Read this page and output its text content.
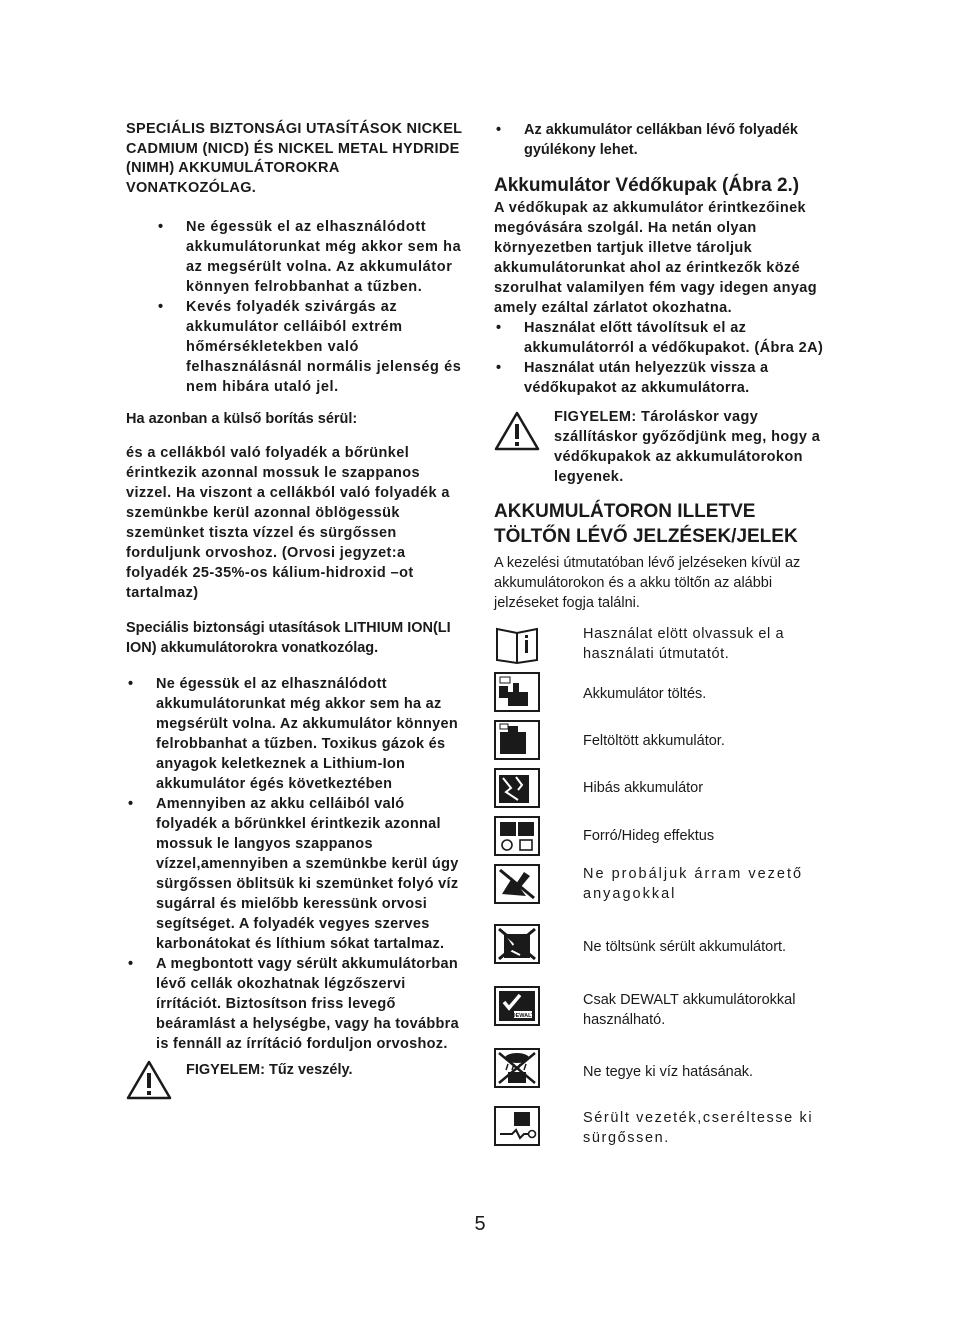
SPECIÁLIS BIZTONSÁGI UTASÍTÁSOK NICKEL CADMIUM (NICD) ÉS NICKEL METAL HYDRIDE (NIMH) AKKUMULÁTOROKRA VONATKOZÓLAG.

• Ne égessük el az elhasználódott akkumulátorunkat még akkor sem ha az megsérült volna. Az akkumulátor könnyen felrobbanhat a tűzben.
• Kevés folyadék szivárgás az akkumulátor celláiból extrém hőmérsékletekben való felhasználásnál normális jelenség és nem hibára utaló jel.

Ha azonban a külső borítás sérül:

és a cellákból való folyadék a bőrünkel érintkezik azonnal mossuk le szappanos vizzel. Ha viszont a cellákból való folyadék a szemünkbe kerül azonnal öblögessük szemünket tiszta vízzel és sürgőssen forduljunk orvoshoz. (Orvosi jegyzet:a folyadék 25-35%-os kálium-hidroxid –ot tartalmaz)

Speciális biztonsági utasítások LITHIUM ION(LI ION) akkumulátorokra vonatkozólag.

• Ne égessük el az elhasználódott akkumulátorunkat még akkor sem ha az megsérült volna. Az akkumulátor könnyen felrobbanhat a tűzben. Toxikus gázok és anyagok keletkeznek a Lithium-Ion akkumulátor égés következtében
• Amennyiben az akku celláiból való folyadék a bőrünkkel érintkezik azonnal mossuk le langyos szappanos vízzel,amennyiben a szemünkbe kerül úgy sürgőssen öblitsük ki szemünket folyó víz sugárral és mielőbb keressünk orvosi segítséget. A folyadék vegyes szerves karbonátokat és líthium sókat tartalmaz.
• A megbontott vagy sérült akkumulátorban lévő cellák okozhatnak légzőszervi írrítációt. Biztosítson friss levegő beáramlást a helységbe, vagy ha továbbra is fennáll az írrítáció forduljon orvoshoz.
FIGYELEM: Tűz veszély.
• Az akkumulátor cellákban lévő folyadék gyúlékony lehet.

Akkumulátor Védőkupak (Ábra 2.)

A védőkupak az akkumulátor érintkezőinek megóvására szolgál. Ha netán olyan környezetben tartjuk illetve tároljuk akkumulátorunkat ahol az érintkezők közé szorulhat valamilyen fém vagy idegen anyag amely ezáltal zárlatot okozhatna.

• Használat előtt távolítsuk el az akkumulátorról a védőkupakot. (Ábra 2A)
• Használat után helyezzük vissza a védőkupakot az akkumulátorra.
FIGYELEM: Tároláskor vagy szállításkor győződjünk meg, hogy a védőkupakok az akkumulátorokon legyenek.

AKKUMULÁTORON ILLETVE
TÖLTŐN LÉVŐ JELZÉSEK/JELEK

A kezelési útmutatóban lévő jelzéseken kívül az akkumulátorokon és a akku töltőn az alábbi jelzéseket fogja találni.

Használat elött olvassuk el a használati útmutatót.
Akkumulátor töltés.
Feltöltött akkumulátor.
Hibás akkumulátor
Forró/Hideg effektus
Ne probáljuk árram vezető anyagokkal
Ne töltsünk sérült akkumulátort.
DEWALT
Csak DEWALT akkumulátorokkal használható.
Ne tegye ki víz hatásának.
Sérült vezeték,cseréltesse ki sürgőssen.
5
